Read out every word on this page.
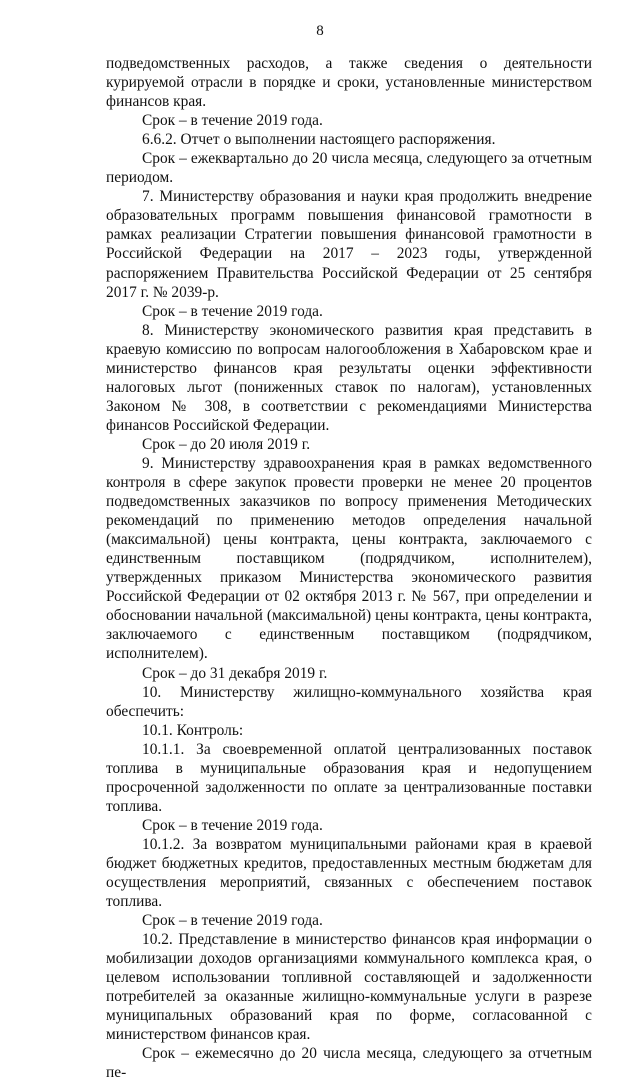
8

подведомственных расходов, а также сведения о деятельности курируемой отрасли в порядке и сроки, установленные министерством финансов края.

Срок – в течение 2019 года.

6.6.2. Отчет о выполнении настоящего распоряжения.

Срок – ежеквартально до 20 числа месяца, следующего за отчетным периодом.

7. Министерству образования и науки края продолжить внедрение образовательных программ повышения финансовой грамотности в рамках реализации Стратегии повышения финансовой грамотности в Российской Федерации на 2017 – 2023 годы, утвержденной распоряжением Правительства Российской Федерации от 25 сентября 2017 г. № 2039-р.

Срок – в течение 2019 года.

8. Министерству экономического развития края представить в краевую комиссию по вопросам налогообложения в Хабаровском крае и министерство финансов края результаты оценки эффективности налоговых льгот (пониженных ставок по налогам), установленных Законом № 308, в соответствии с рекомендациями Министерства финансов Российской Федерации.

Срок – до 20 июля 2019 г.

9. Министерству здравоохранения края в рамках ведомственного контроля в сфере закупок провести проверки не менее 20 процентов подведомственных заказчиков по вопросу применения Методических рекомендаций по применению методов определения начальной (максимальной) цены контракта, цены контракта, заключаемого с единственным поставщиком (подрядчиком, исполнителем), утвержденных приказом Министерства экономического развития Российской Федерации от 02 октября 2013 г. № 567, при определении и обосновании начальной (максимальной) цены контракта, цены контракта, заключаемого с единственным поставщиком (подрядчиком, исполнителем).

Срок – до 31 декабря 2019 г.

10. Министерству жилищно-коммунального хозяйства края обеспечить:

10.1. Контроль:

10.1.1. За своевременной оплатой централизованных поставок топлива в муниципальные образования края и недопущением просроченной задолженности по оплате за централизованные поставки топлива.

Срок – в течение 2019 года.

10.1.2. За возвратом муниципальными районами края в краевой бюджет бюджетных кредитов, предоставленных местным бюджетам для осуществления мероприятий, связанных с обеспечением поставок топлива.

Срок – в течение 2019 года.

10.2. Представление в министерство финансов края информации о мобилизации доходов организациями коммунального комплекса края, о целевом использовании топливной составляющей и задолженности потребителей за оказанные жилищно-коммунальные услуги в разрезе муниципальных образований края по форме, согласованной с министерством финансов края.

Срок – ежемесячно до 20 числа месяца, следующего за отчетным пе-
